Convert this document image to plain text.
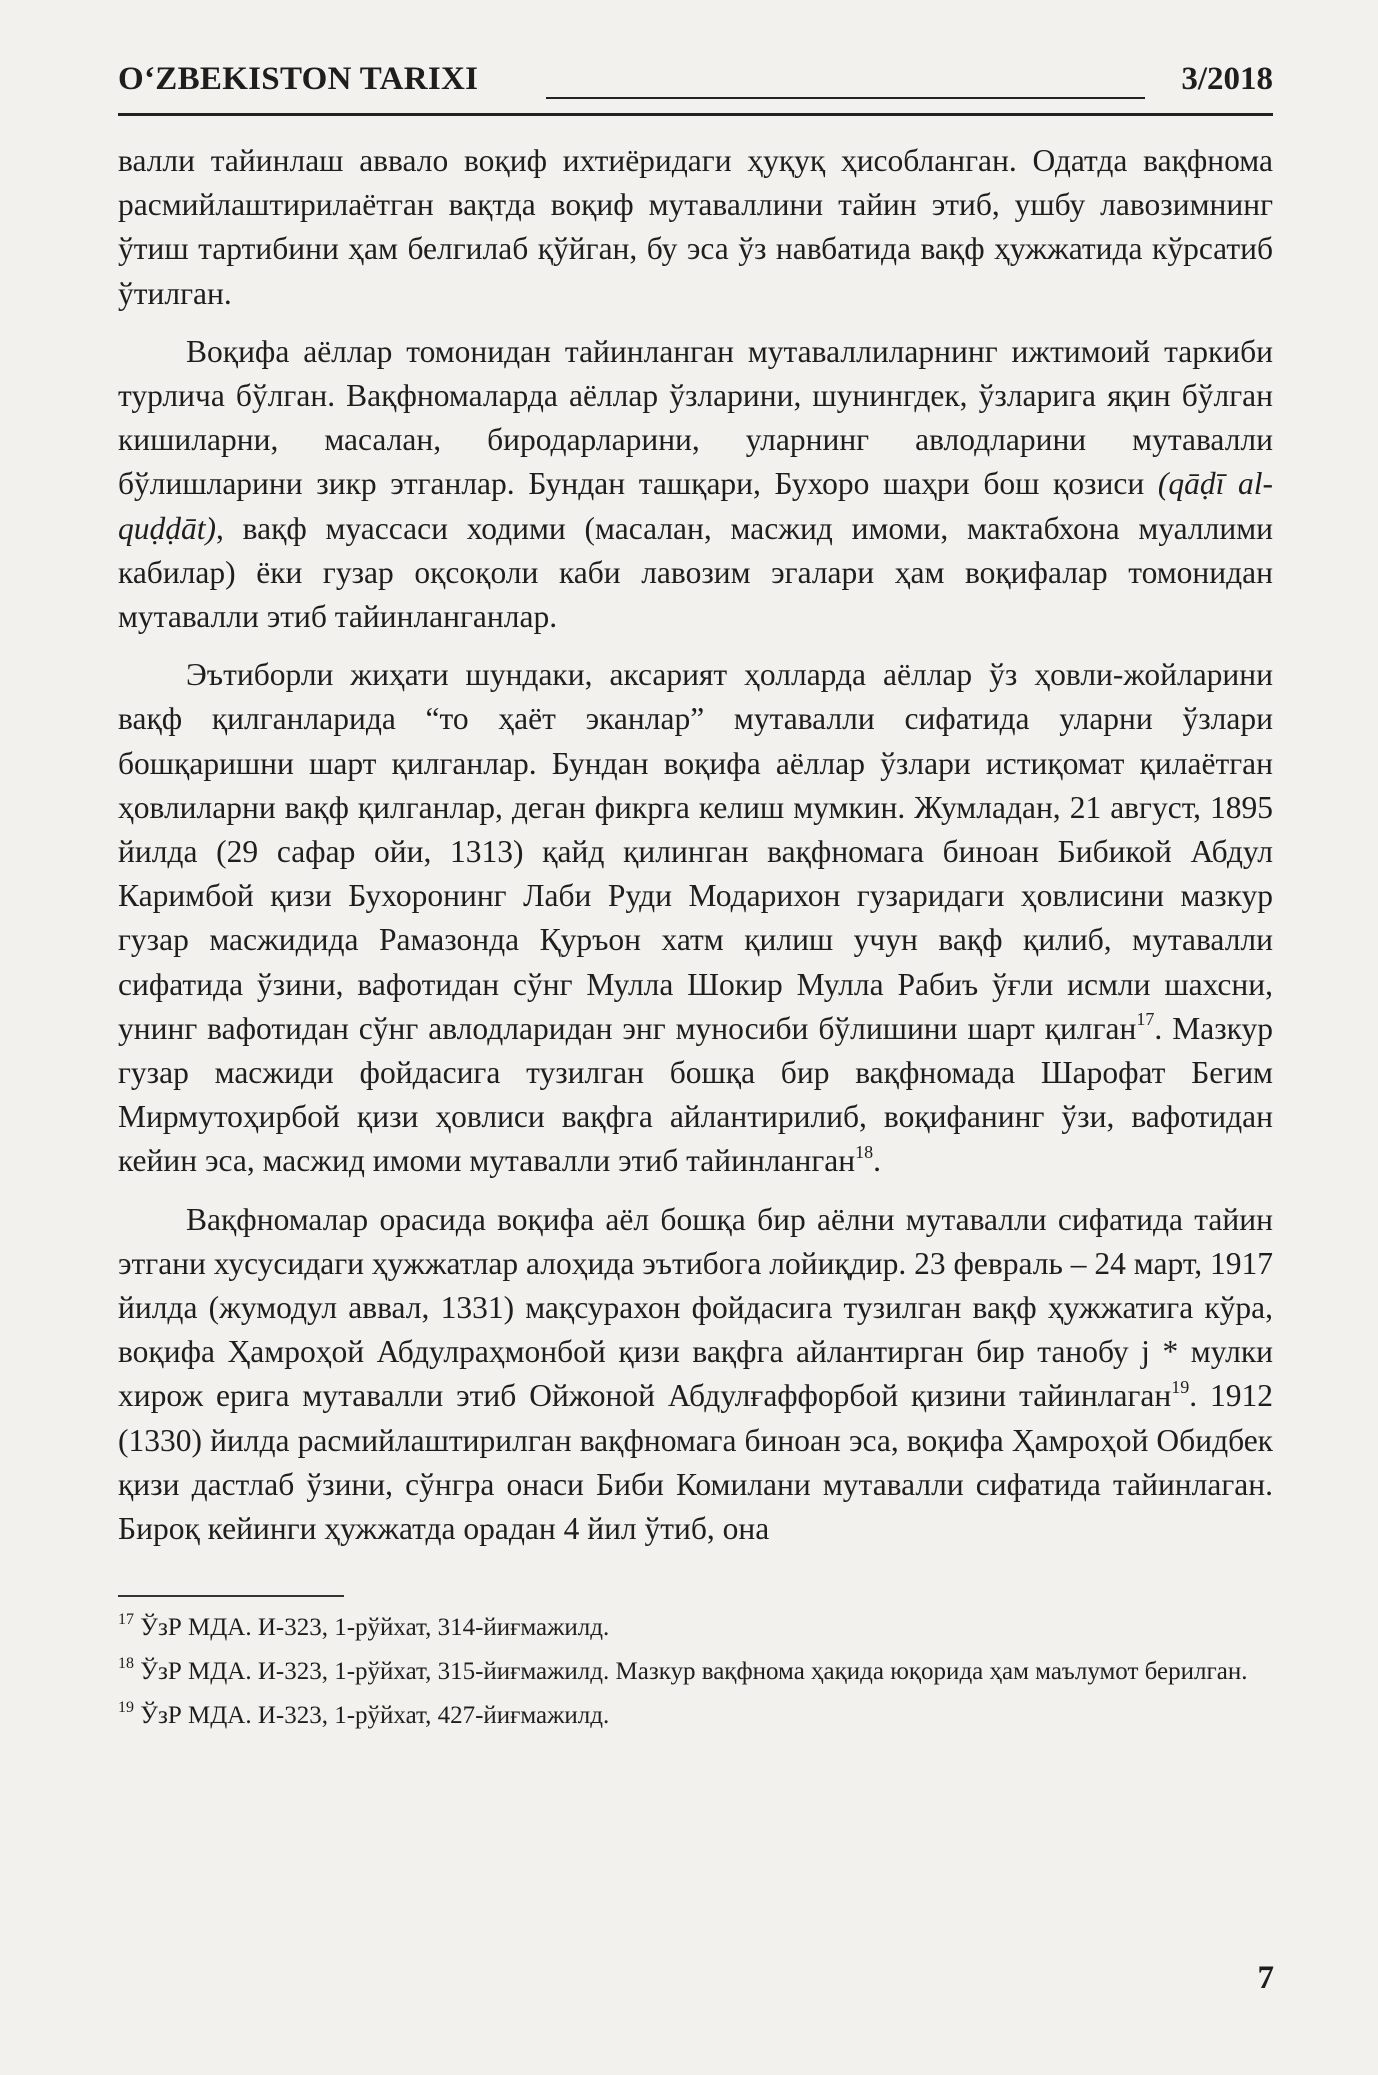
O‘ZBEKISTON TARIXI	3/2018

валли тайинлаш аввало воқиф ихтиёридаги ҳуқуқ ҳисобланган. Одатда вақфнома расмийлаштирилаётган вақтда воқиф мутаваллини тайин этиб, ушбу лавозимнинг ўтиш тартибини ҳам белгилаб қўйган, бу эса ўз навбатида вақф ҳужжатида кўрсатиб ўтилган.

Воқифа аёллар томонидан тайинланган мутаваллиларнинг ижтимоий таркиби турлича бўлган. Вақфномаларда аёллар ўзларини, шунингдек, ўзларига яқин бўлган кишиларни, масалан, биродарларини, уларнинг авлодларини мутавалли бўлишларини зикр этганлар. Бундан ташқари, Бухоро шаҳри бош қозиси (qāḍī al-quḍḍāt), вақф муассаси ходими (масалан, масжид имоми, мактабхона муаллими кабилар) ёки гузар оқсоқоли каби лавозим эгалари ҳам воқифалар томонидан мутавалли этиб тайинланганлар.

Эътиборли жиҳати шундаки, аксарият ҳолларда аёллар ўз ҳовли-жойларини вақф қилганларида “то ҳаёт эканлар” мутавалли сифатида уларни ўзлари бошқаришни шарт қилганлар. Бундан воқифа аёллар ўзлари истиқомат қилаётган ҳовлиларни вақф қилганлар, деган фикрга келиш мумкин. Жумладан, 21 август, 1895 йилда (29 сафар ойи, 1313) қайд қилинган вақфномага биноан Бибикой Абдул Каримбой қизи Бухоронинг Лаби Руди Модарихон гузаридаги ҳовлисини мазкур гузар масжидида Рамазонда Қуръон хатм қилиш учун вақф қилиб, мутавалли сифатида ўзини, вафотидан сўнг Мулла Шокир Мулла Рабиъ ўғли исмли шахсни, унинг вафотидан сўнг авлодларидан энг муносиби бўлишини шарт қилган$^{17}$. Мазкур гузар масжиди фойдасига тузилган бошқа бир вақфномада Шарофат Бегим Мирмутоҳирбой қизи ҳовлиси вақфга айлантирилиб, воқифанинг ўзи, вафотидан кейин эса, масжид имоми мутавалли этиб тайинланган$^{18}$.

Вақфномалар орасида воқифа аёл бошқа бир аёлни мутавалли сифатида тайин этгани хусусидаги ҳужжатлар алоҳида эътибога лойиқдир. 23 февраль – 24 март, 1917 йилда (жумодул аввал, 1331) мақсурахон фойдасига тузилган вақф ҳужжатига кўра, воқифа Ҳамроҳой Абдулраҳмонбой қизи вақфга айлантирган бир танобу j * мулки хирож ерига мутавалли этиб Ойжоной Абдулғаффорбой қизини тайинлаган$^{19}$. 1912 (1330) йилда расмийлаштирилган вақфномага биноан эса, воқифа Ҳамроҳой Обидбек қизи дастлаб ўзини, сўнгра онаси Биби Комилани мутавалли сифатида тайинлаган. Бироқ кейинги ҳужжатда орадан 4 йил ўтиб, она

$^{17}$ ЎзР МДА. И-323, 1-рўйхат, 314-йиғмажилд.
$^{18}$ ЎзР МДА. И-323, 1-рўйхат, 315-йиғмажилд. Мазкур вақфнома ҳақида юқорида ҳам маълумот берилган.
$^{19}$ ЎзР МДА. И-323, 1-рўйхат, 427-йиғмажилд.
7
